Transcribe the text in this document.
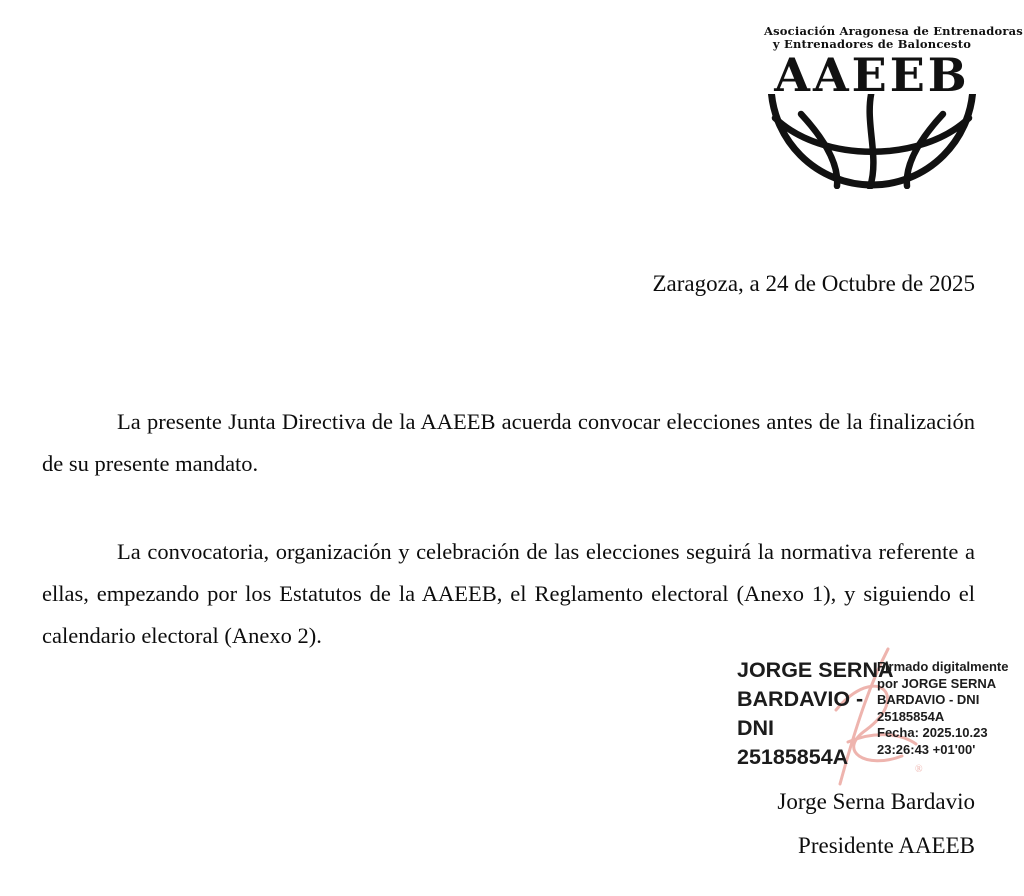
Asociación Aragonesa de Entrenadoras
y Entrenadores de Baloncesto
AAEEB
Zaragoza, a 24 de Octubre de 2025

La presente Junta Directiva de la AAEEB acuerda convocar elecciones antes de la finalización de su presente mandato.

La convocatoria, organización y celebración de las elecciones seguirá la normativa referente a ellas, empezando por los Estatutos de la AAEEB, el Reglamento electoral (Anexo 1), y siguiendo el calendario electoral (Anexo 2).

®
JORGE SERNA
BARDAVIO -
DNI
25185854A
Firmado digitalmente
por JORGE SERNA
BARDAVIO - DNI
25185854A
Fecha: 2025.10.23
23:26:43 +01'00'
Jorge Serna Bardavio
Presidente AAEEB
